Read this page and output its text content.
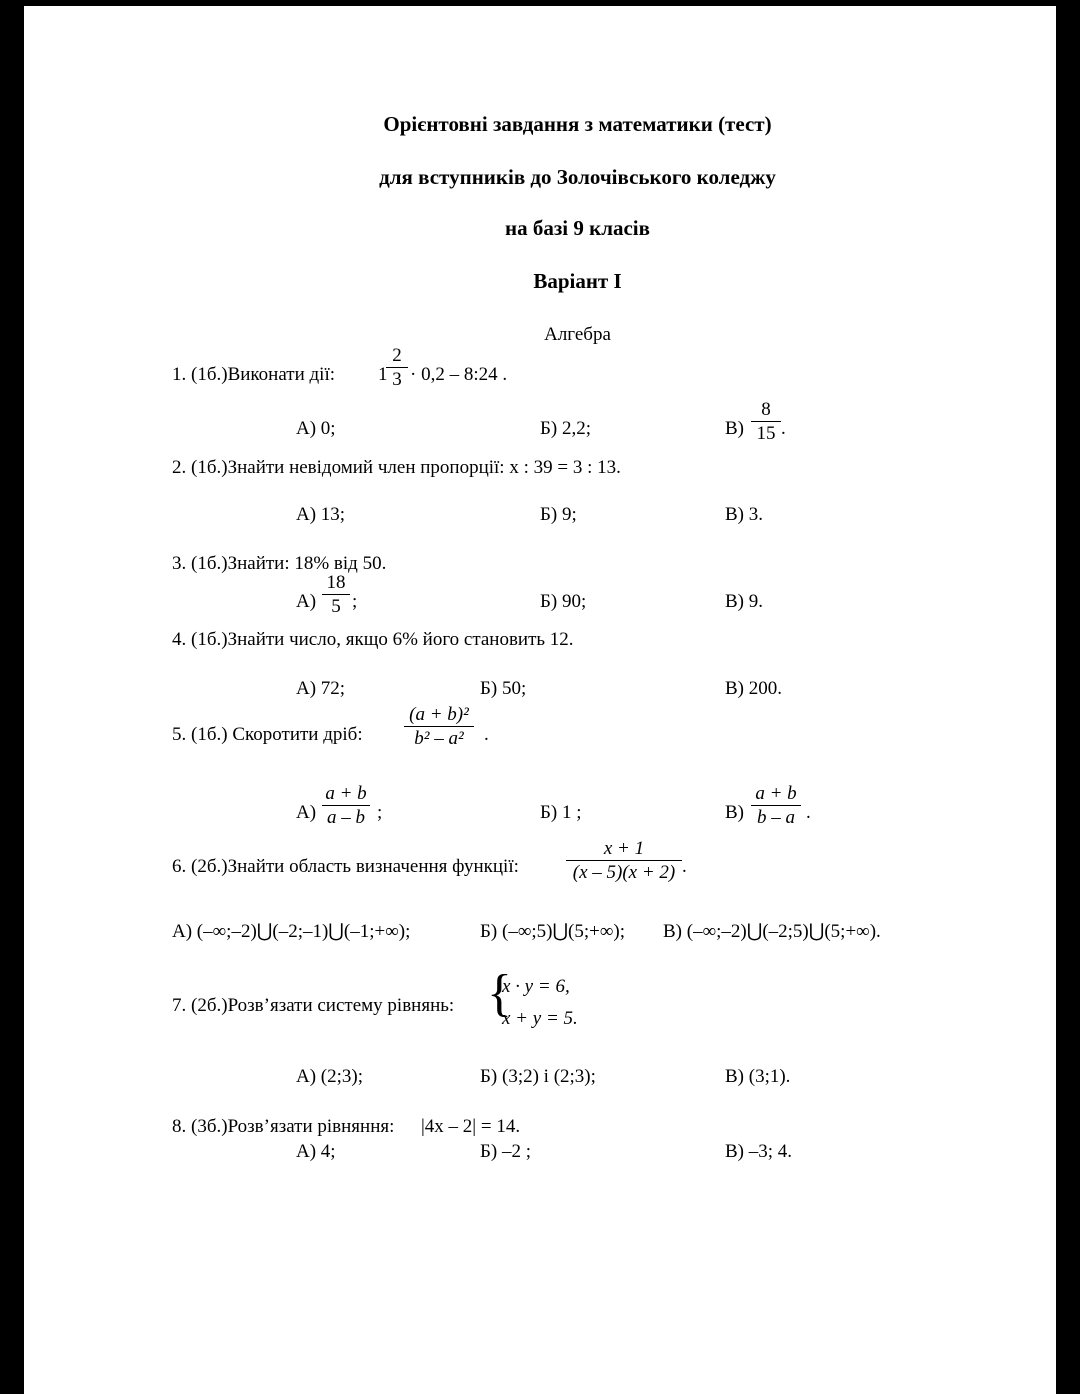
Орієнтовні завдання з математики (тест)
для вступників до Золочівського коледжу
на базі 9 класів
Варіант І
Алгебра
1. (1б.)Виконати дії: 1
$\frac{2}{3} \cdot 0,2$ – 8:24 .
А) 0;	Б) 2,2;	$В) \frac{8}{15}$ .
2. (1б.)Знайти невідомий член пропорції: x : 39 = 3 : 13.
А) 13;	Б) 9;	В) 3.
3. (1б.)Знайти: 18% від 50.
$А) \frac{18}{5}$ ;	Б) 90;	В) 9.
4. (1б.)Знайти число, якщо 6% його становить 12.
А) 72;	Б) 50;	В) 200.
5. (1б.) Скоротити дріб: $\frac{\text{(a + b)²}}{\text{b² – a²}}$ .
$А) \frac{a + b}{a - b}$ ;	Б) 1 ;	$В) \frac{a + b}{b - a}$ .
6. (2б.)Знайти область визначення функції: $\frac{x + 1}{(x - 5)(x + 2)}$ .
А) (–∞;–2)⋃(–2;–1)⋃(–1;+∞);	Б) (–∞;5)⋃(5;+∞); В) (–∞;–2)⋃(–2;5)⋃(5;+∞).
7. (2б.)Розв’язати систему рівнянь: {
x · y = 6,
x + y = 5.
А) (2;3);	Б) (3;2) і (2;3);	В) (3;1).
8. (3б.)Розв’язати рівняння: |4x – 2| = 14.
А) 4;	Б) –2 ;	В) –3; 4.
